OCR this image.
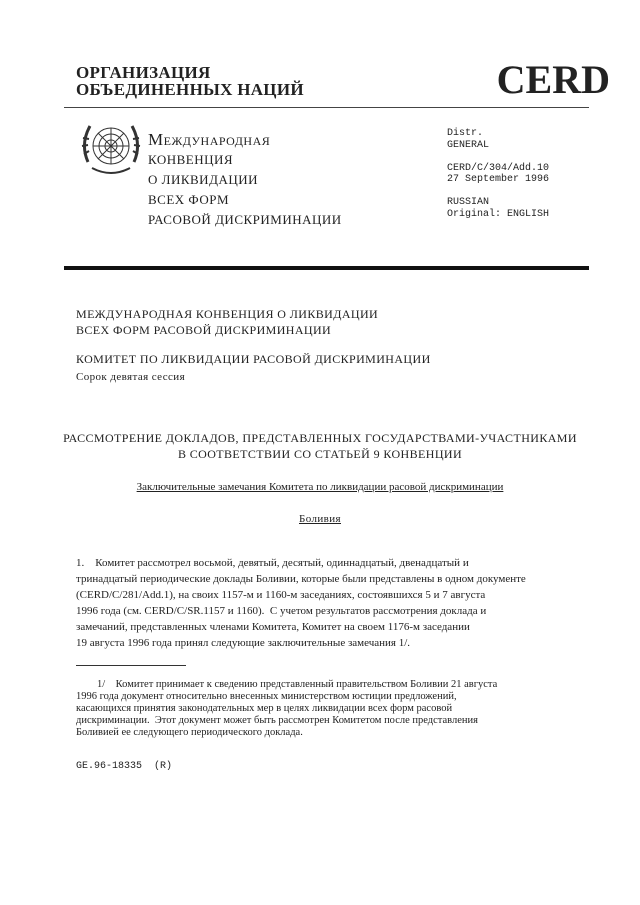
ОРГАНИЗАЦИЯ
ОБЪЕДИНЕННЫХ НАЦИЙ	CERD
Международная
КОНВЕНЦИЯ
О ЛИКВИДАЦИИ
ВСЕХ ФОРМ
РАСОВОЙ ДИСКРИМИНАЦИИ
Distr.
GENERAL
CERD/C/304/Add.10
27 September 1996
RUSSIAN
Original: ENGLISH
МЕЖДУНАРОДНАЯ КОНВЕНЦИЯ О ЛИКВИДАЦИИ
ВСЕХ ФОРМ РАСОВОЙ ДИСКРИМИНАЦИИ
КОМИТЕТ ПО ЛИКВИДАЦИИ РАСОВОЙ ДИСКРИМИНАЦИИ
Сорок девятая сессия
РАССМОТРЕНИЕ ДОКЛАДОВ, ПРЕДСТАВЛЕННЫХ ГОСУДАРСТВАМИ-УЧАСТНИКАМИ
В СООТВЕТСТВИИ СО СТАТЬЕЙ 9 КОНВЕНЦИИ
Заключительные замечания Комитета по ликвидации расовой дискриминации
Боливия
1.    Комитет рассмотрел восьмой, девятый, десятый, одиннадцатый, двенадцатый и
тринадцатый периодические доклады Боливии, которые были представлены в одном документе
(CERD/C/281/Add.1), на своих 1157-м и 1160-м заседаниях, состоявшихся 5 и 7 августа
1996 года (см. CERD/C/SR.1157 и 1160).  С учетом результатов рассмотрения доклада и
замечаний, представленных членами Комитета, Комитет на своем 1176-м заседании
19 августа 1996 года принял следующие заключительные замечания 1/.
1/    Комитет принимает к сведению представленный правительством Боливии 21 августа
1996 года документ относительно внесенных министерством юстиции предложений,
касающихся принятия законодательных мер в целях ликвидации всех форм расовой
дискриминации.  Этот документ может быть рассмотрен Комитетом после представления
Боливией ее следующего периодического доклада.
GE.96-18335  (R)
